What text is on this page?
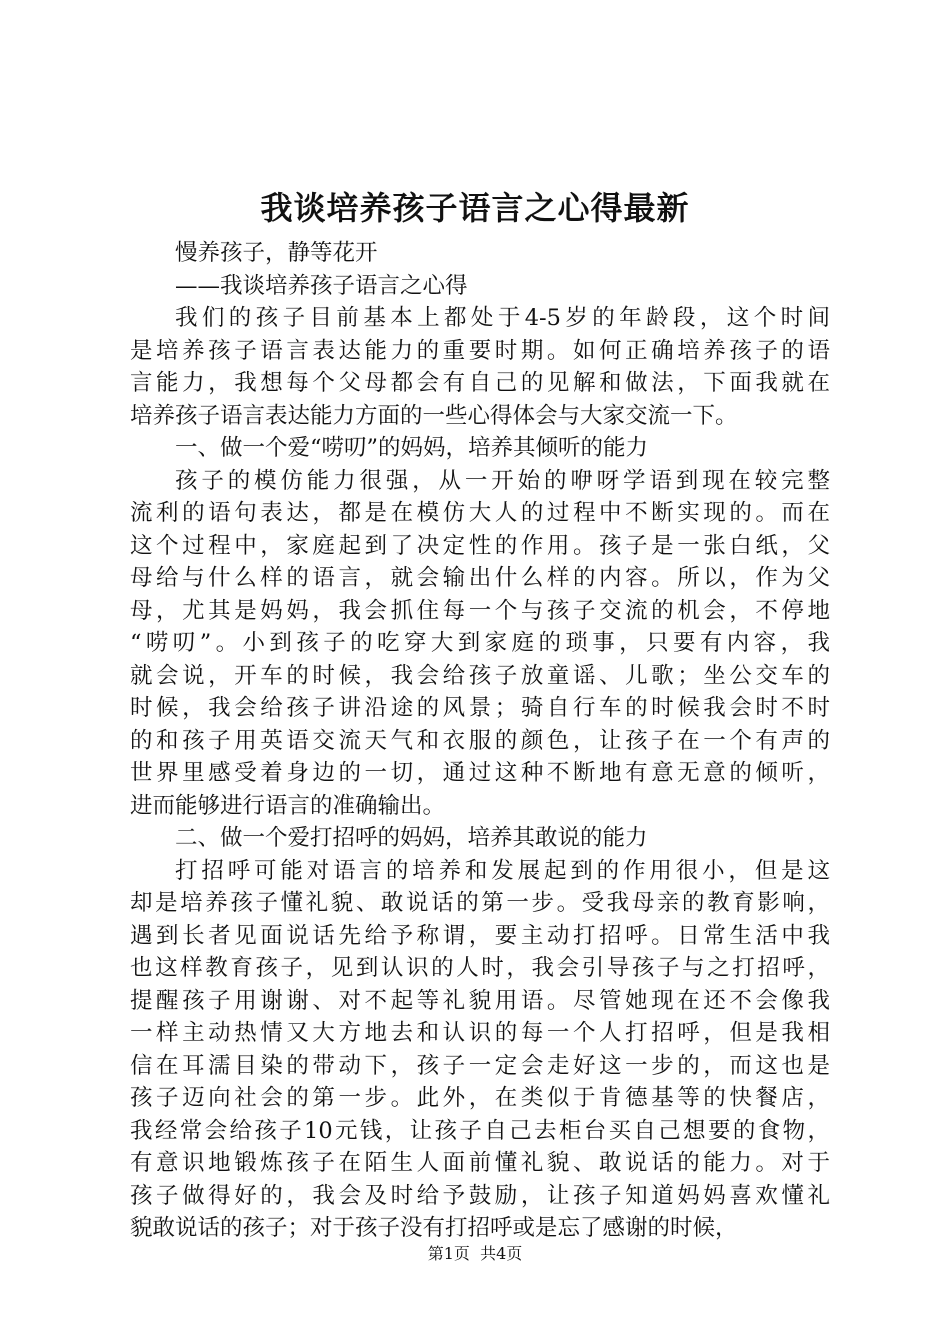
我谈培养孩子语言之心得最新
慢养孩子，静等花开
——我谈培养孩子语言之心得
我们的孩子目前基本上都处于4-5岁的年龄段，这个时间
是培养孩子语言表达能力的重要时期。如何正确培养孩子的语
言能力，我想每个父母都会有自己的见解和做法，下面我就在
培养孩子语言表达能力方面的一些心得体会与大家交流一下。
一、做一个爱“唠叨”的妈妈，培养其倾听的能力
孩子的模仿能力很强，从一开始的咿呀学语到现在较完整
流利的语句表达，都是在模仿大人的过程中不断实现的。而在
这个过程中，家庭起到了决定性的作用。孩子是一张白纸，父
母给与什么样的语言，就会输出什么样的内容。所以，作为父
母，尤其是妈妈，我会抓住每一个与孩子交流的机会，不停地
“唠叨”。小到孩子的吃穿大到家庭的琐事，只要有内容，我
就会说，开车的时候，我会给孩子放童谣、儿歌；坐公交车的
时候，我会给孩子讲沿途的风景；骑自行车的时候我会时不时
的和孩子用英语交流天气和衣服的颜色，让孩子在一个有声的
世界里感受着身边的一切，通过这种不断地有意无意的倾听，
进而能够进行语言的准确输出。
二、做一个爱打招呼的妈妈，培养其敢说的能力
打招呼可能对语言的培养和发展起到的作用很小，但是这
却是培养孩子懂礼貌、敢说话的第一步。受我母亲的教育影响，
遇到长者见面说话先给予称谓，要主动打招呼。日常生活中我
也这样教育孩子，见到认识的人时，我会引导孩子与之打招呼，
提醒孩子用谢谢、对不起等礼貌用语。尽管她现在还不会像我
一样主动热情又大方地去和认识的每一个人打招呼，但是我相
信在耳濡目染的带动下，孩子一定会走好这一步的，而这也是
孩子迈向社会的第一步。此外，在类似于肯德基等的快餐店，
我经常会给孩子10元钱，让孩子自己去柜台买自己想要的食物，
有意识地锻炼孩子在陌生人面前懂礼貌、敢说话的能力。对于
孩子做得好的，我会及时给予鼓励，让孩子知道妈妈喜欢懂礼
貌敢说话的孩子；对于孩子没有打招呼或是忘了感谢的时候，
第1页 共4页
